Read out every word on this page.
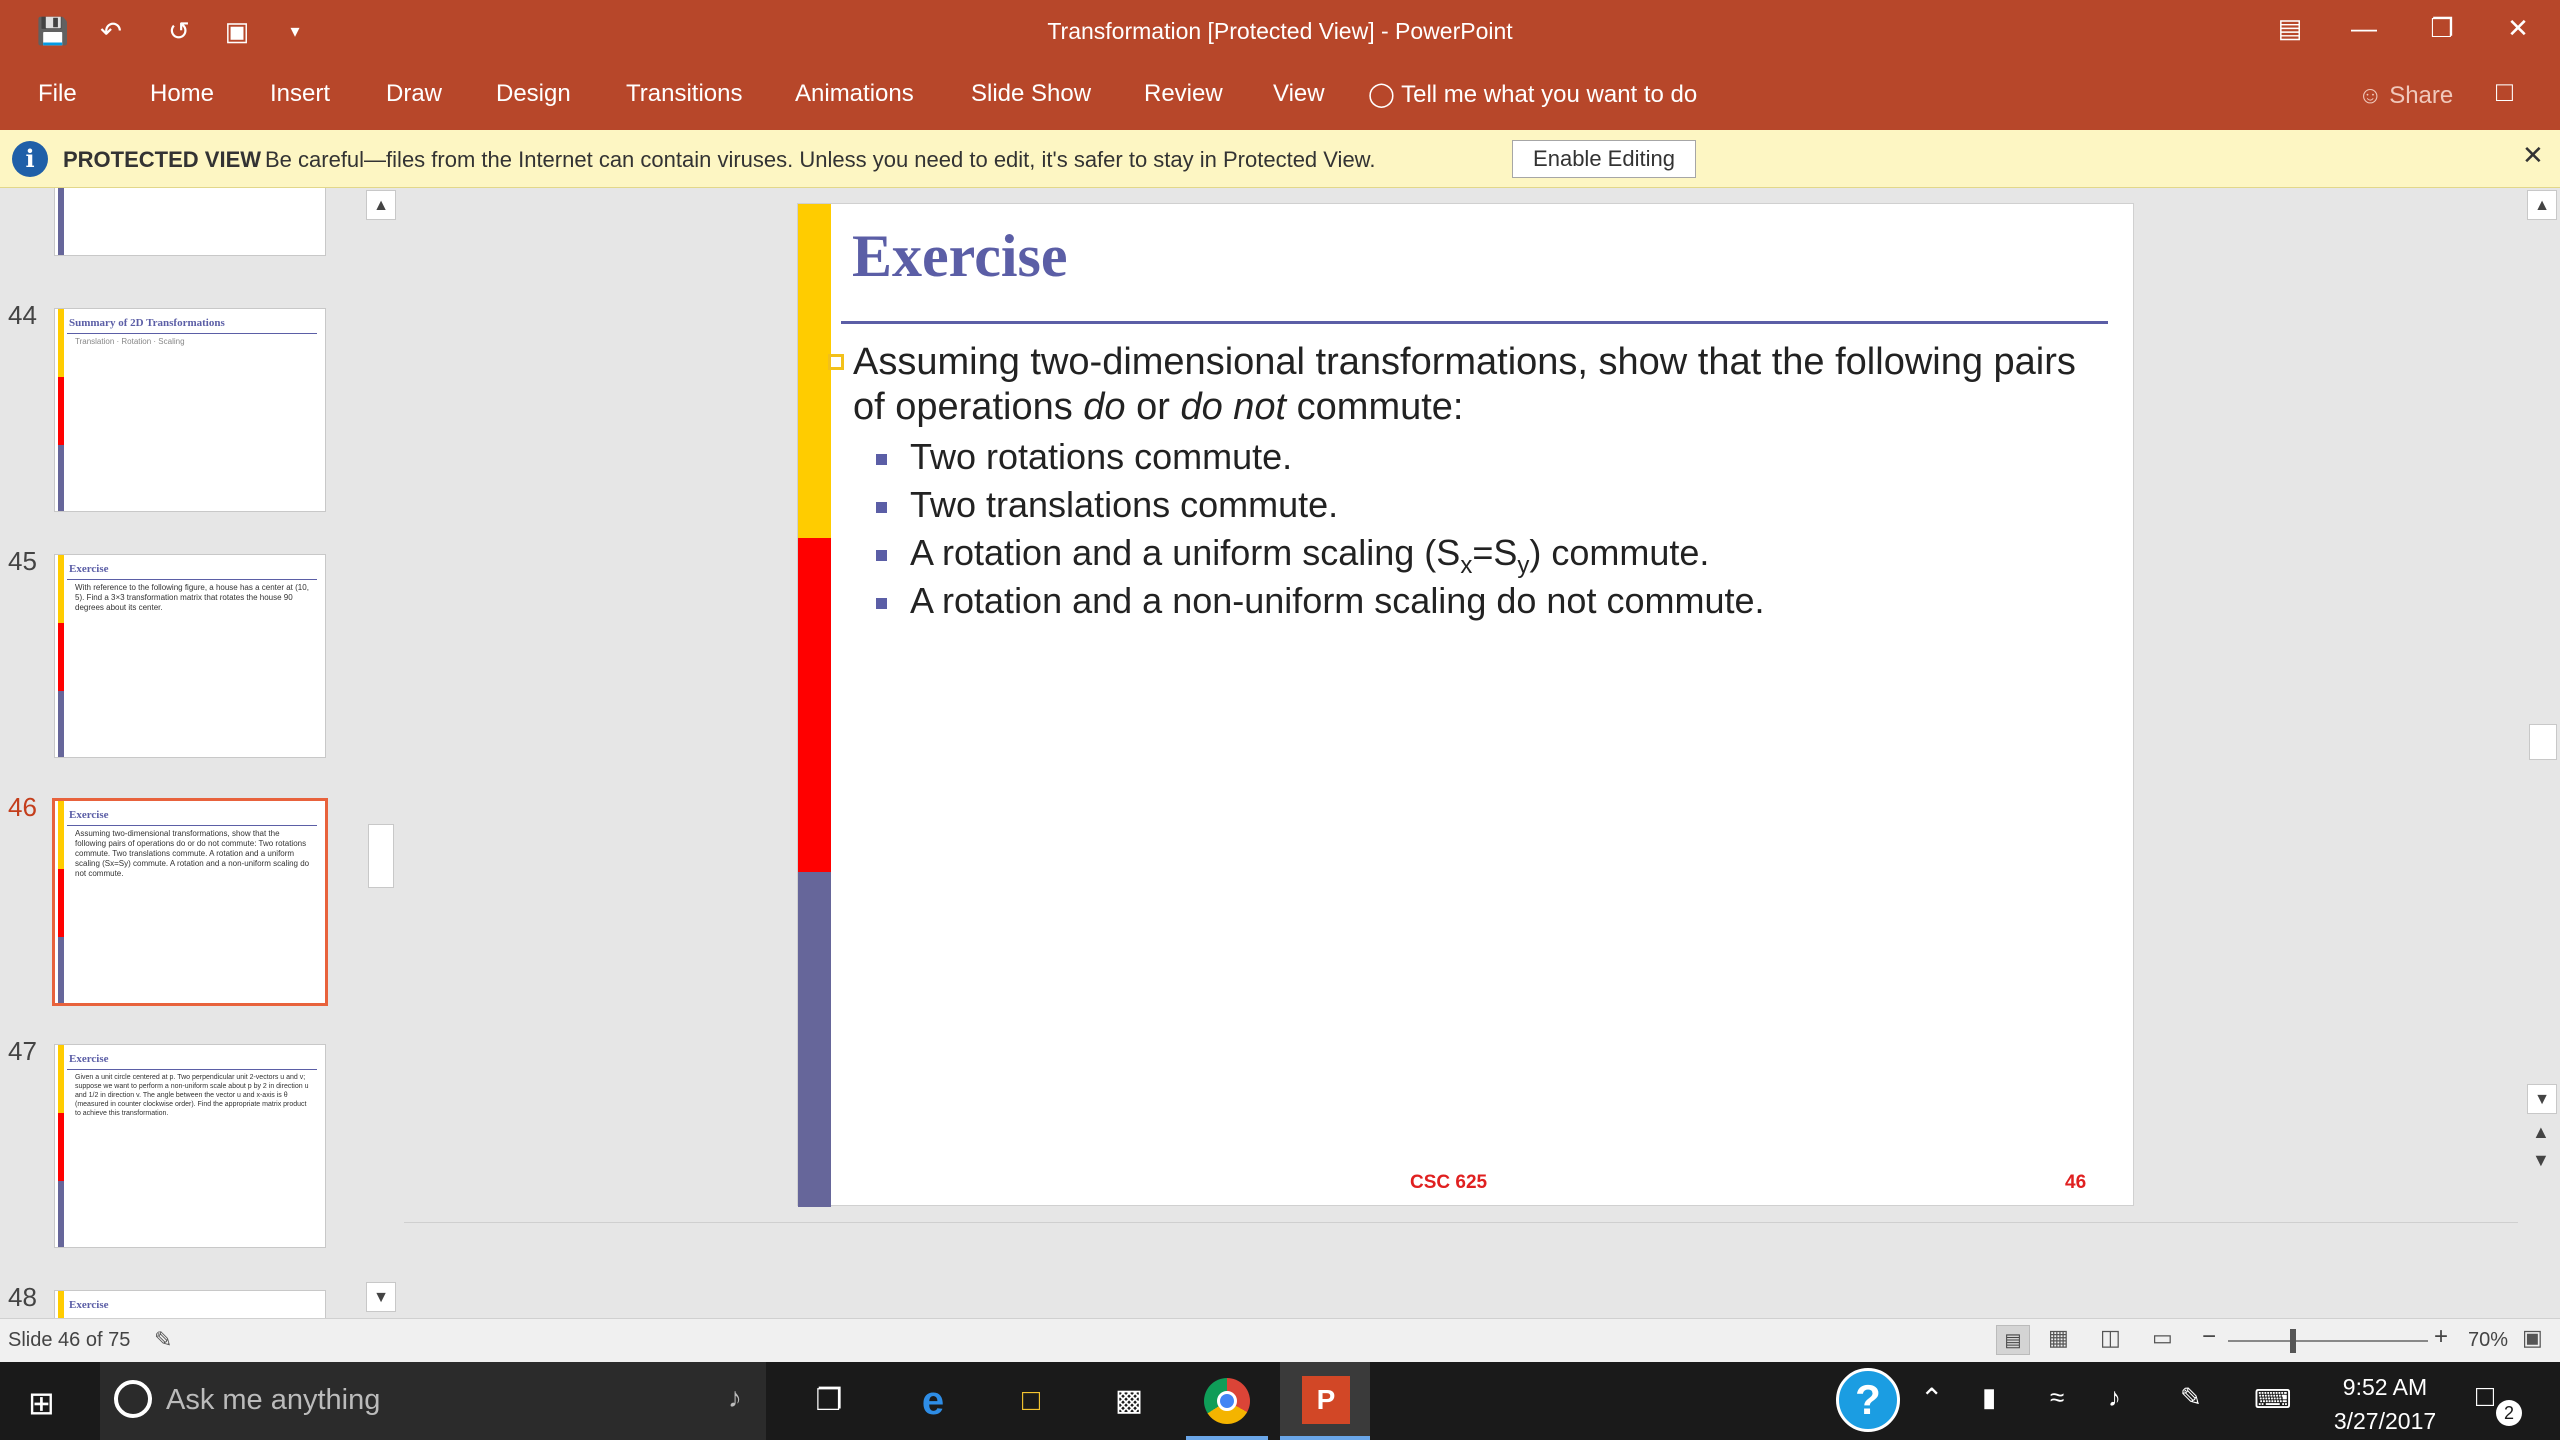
💾	↶	↺	▣	▾	Transformation [Protected View] - PowerPoint	▤	—	❐	✕
File	Home Insert Draw Design Transitions Animations Slide Show Review View ◯ Tell me what you want to do	☺ Share □
i	PROTECTED VIEW Be careful—files from the Internet can contain viruses. Unless you need to edit, it's safer to stay in Protected View.	Enable Editing	✕
44	Summary of 2D Transformations
Translation · Rotation · Scaling
45	Exercise
With reference to the following figure, a house has a center at (10, 5). Find a 3×3 transformation matrix that rotates the house 90 degrees about its center.
46	Exercise
Assuming two-dimensional transformations, show that the following pairs of operations do or do not commute: Two rotations commute. Two translations commute. A rotation and a uniform scaling (Sx=Sy) commute. A rotation and a non-uniform scaling do not commute.
47	Exercise
Given a unit circle centered at p. Two perpendicular unit 2-vectors u and v; suppose we want to perform a non-uniform scale about p by 2 in direction u and 1/2 in direction v. The angle between the vector u and x-axis is θ (measured in counter clockwise order). Find the appropriate matrix product to achieve this transformation.
48	Exercise
▲
▼
Exercise
Assuming two-dimensional transformations, show that the following pairs of operations do or do not commute:
Two rotations commute.
Two translations commute.
A rotation and a uniform scaling $(S_x=S_y)$ commute.
A rotation and a non-uniform scaling do not commute.
CSC 625	46
▲
▼
▲
▼
Slide 46 of 75 ✎	▤	▦ ◫ ▭ −	+ 70% ▣
⊞	Ask me anything	♪	❐	e	□	▩	P	?	⌃ ▮ ≈ ♪ ✎ ⌨	9:52 AM
3/27/2017
□ 2
